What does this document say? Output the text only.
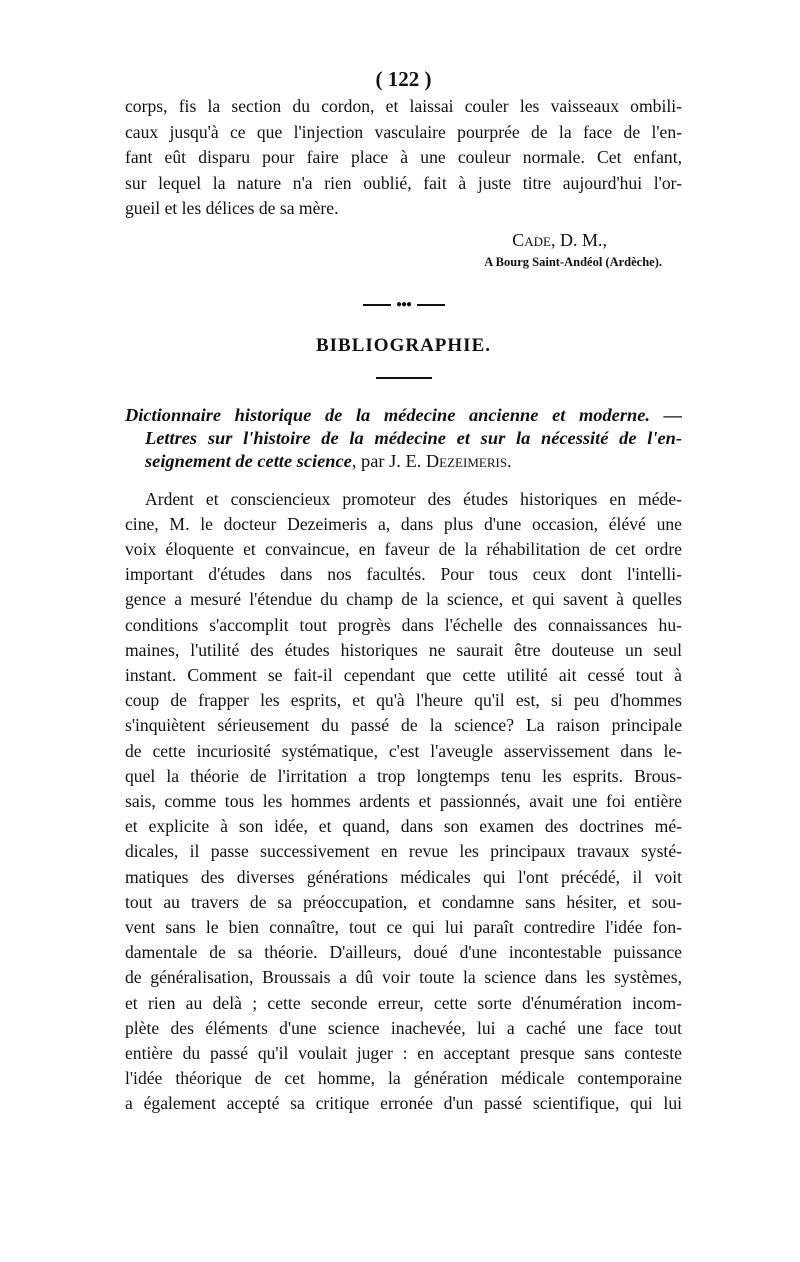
( 122 )
corps, fis la section du cordon, et laissai couler les vaisseaux ombili-
caux jusqu'à ce que l'injection vasculaire pourprée de la face de l'en-
fant eût disparu pour faire place à une couleur normale. Cet enfant,
sur lequel la nature n'a rien oublié, fait à juste titre aujourd'hui l'or-
gueil et les délices de sa mère.
Cade, D. M.,
A Bourg Saint-Andéol (Ardèche).
●●●
BIBLIOGRAPHIE.
Dictionnaire historique de la médecine ancienne et moderne. —
Lettres sur l'histoire de la médecine et sur la nécessité de l'en-
seignement de cette science, par J. E. Dezeimeris.
Ardent et consciencieux promoteur des études historiques en méde-
cine, M. le docteur Dezeimeris a, dans plus d'une occasion, élévé une
voix éloquente et convaincue, en faveur de la réhabilitation de cet ordre
important d'études dans nos facultés. Pour tous ceux dont l'intelli-
gence a mesuré l'étendue du champ de la science, et qui savent à quelles
conditions s'accomplit tout progrès dans l'échelle des connaissances hu-
maines, l'utilité des études historiques ne saurait être douteuse un seul
instant. Comment se fait-il cependant que cette utilité ait cessé tout à
coup de frapper les esprits, et qu'à l'heure qu'il est, si peu d'hommes
s'inquiètent sérieusement du passé de la science? La raison principale
de cette incuriosité systématique, c'est l'aveugle asservissement dans le-
quel la théorie de l'irritation a trop longtemps tenu les esprits. Brous-
sais, comme tous les hommes ardents et passionnés, avait une foi entière
et explicite à son idée, et quand, dans son examen des doctrines mé-
dicales, il passe successivement en revue les principaux travaux systé-
matiques des diverses générations médicales qui l'ont précédé, il voit
tout au travers de sa préoccupation, et condamne sans hésiter, et sou-
vent sans le bien connaître, tout ce qui lui paraît contredire l'idée fon-
damentale de sa théorie. D'ailleurs, doué d'une incontestable puissance
de généralisation, Broussais a dû voir toute la science dans les systèmes,
et rien au delà ; cette seconde erreur, cette sorte d'énumération incom-
plète des éléments d'une science inachevée, lui a caché une face tout
entière du passé qu'il voulait juger : en acceptant presque sans conteste
l'idée théorique de cet homme, la génération médicale contemporaine
a également accepté sa critique erronée d'un passé scientifique, qui lui
